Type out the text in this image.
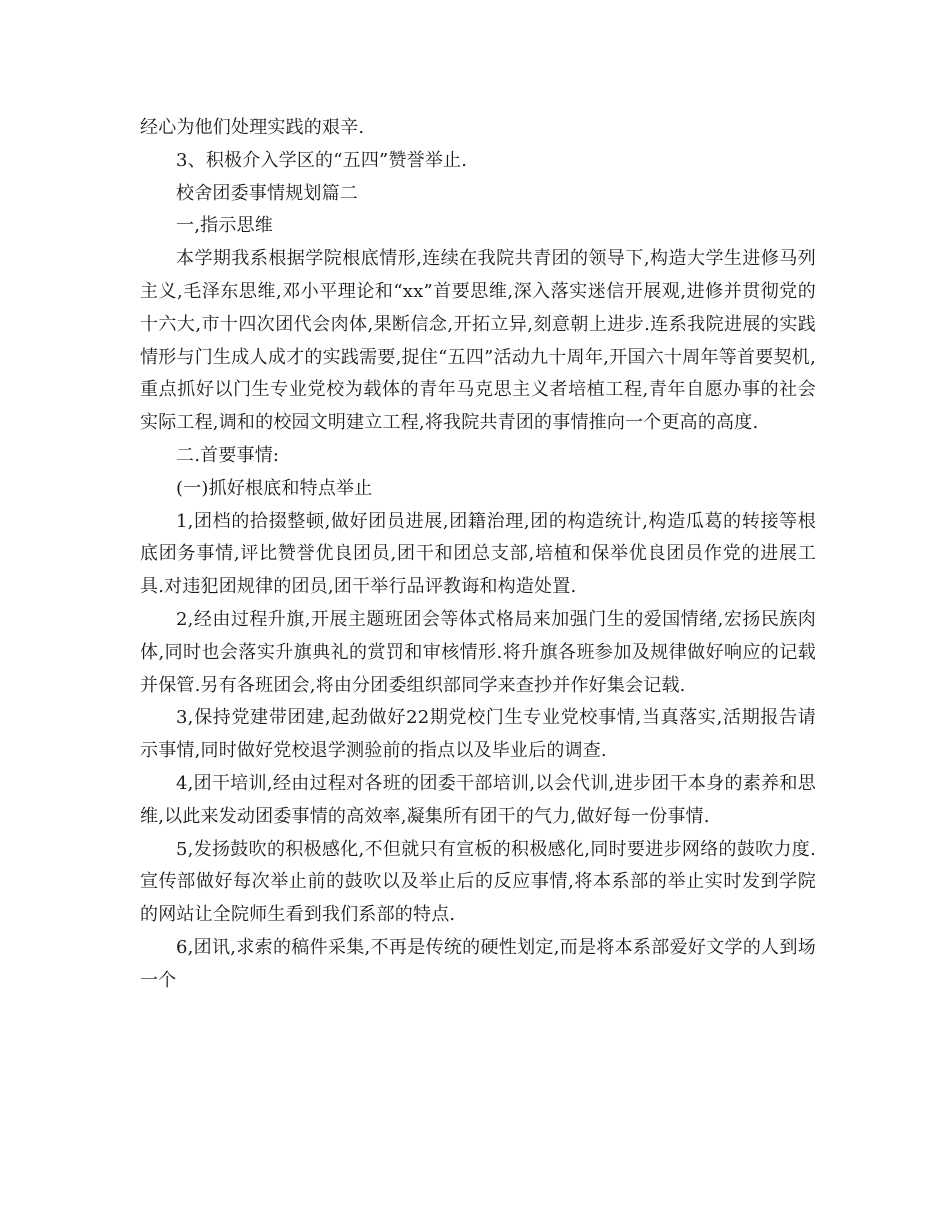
经心为他们处理实践的艰辛.

3、积极介入学区的“五四”赞誉举止.

校舍团委事情规划篇二

一,指示思维

本学期我系根据学院根底情形,连续在我院共青团的领导下,构造大学生进修马列主义,毛泽东思维,邓小平理论和“xx”首要思维,深入落实迷信开展观,进修并贯彻党的十六大,市十四次团代会肉体,果断信念,开拓立异,刻意朝上进步.连系我院进展的实践情形与门生成人成才的实践需要,捉住“五四”活动九十周年,开国六十周年等首要契机,重点抓好以门生专业党校为载体的青年马克思主义者培植工程,青年自愿办事的社会实际工程,调和的校园文明建立工程,将我院共青团的事情推向一个更高的高度.

二.首要事情:

(一)抓好根底和特点举止

1,团档的拾掇整顿,做好团员进展,团籍治理,团的构造统计,构造瓜葛的转接等根底团务事情,评比赞誉优良团员,团干和团总支部,培植和保举优良团员作党的进展工具.对违犯团规律的团员,团干举行品评教诲和构造处置.

2,经由过程升旗,开展主题班团会等体式格局来加强门生的爱国情绪,宏扬民族肉体,同时也会落实升旗典礼的赏罚和审核情形.将升旗各班参加及规律做好响应的记载并保管.另有各班团会,将由分团委组织部同学来查抄并作好集会记载.

3,保持党建带团建,起劲做好22期党校门生专业党校事情,当真落实,活期报告请示事情,同时做好党校退学测验前的指点以及毕业后的调查.

4,团干培训,经由过程对各班的团委干部培训,以会代训,进步团干本身的素养和思维,以此来发动团委事情的高效率,凝集所有团干的气力,做好每一份事情.

5,发扬鼓吹的积极感化,不但就只有宣板的积极感化,同时要进步网络的鼓吹力度.宣传部做好每次举止前的鼓吹以及举止后的反应事情,将本系部的举止实时发到学院的网站让全院师生看到我们系部的特点.

6,团讯,求索的稿件采集,不再是传统的硬性划定,而是将本系部爱好文学的人到场一个
